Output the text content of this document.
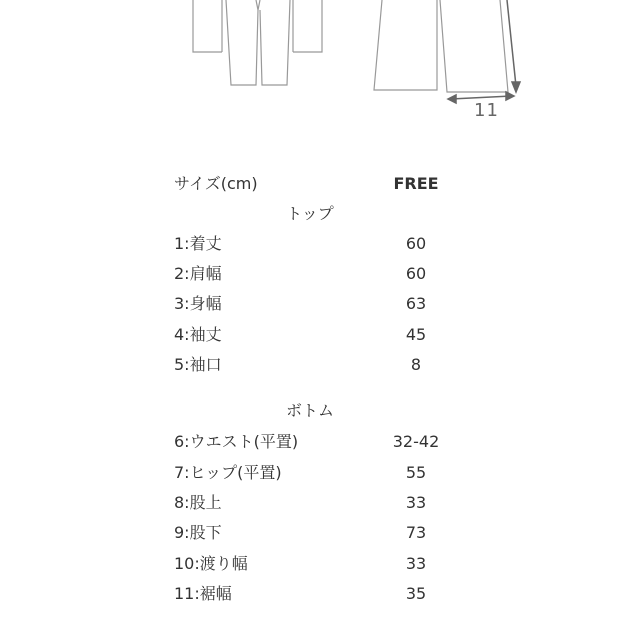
11
サイズ(cm)	FREE
トップ
1:着丈	60
2:肩幅	60
3:身幅	63
4:袖丈	45
5:袖口	8
ボトム
6:ウエスト(平置)	32-42
7:ヒップ(平置)	55
8:股上	33
9:股下	73
10:渡り幅	33
11:裾幅	35
